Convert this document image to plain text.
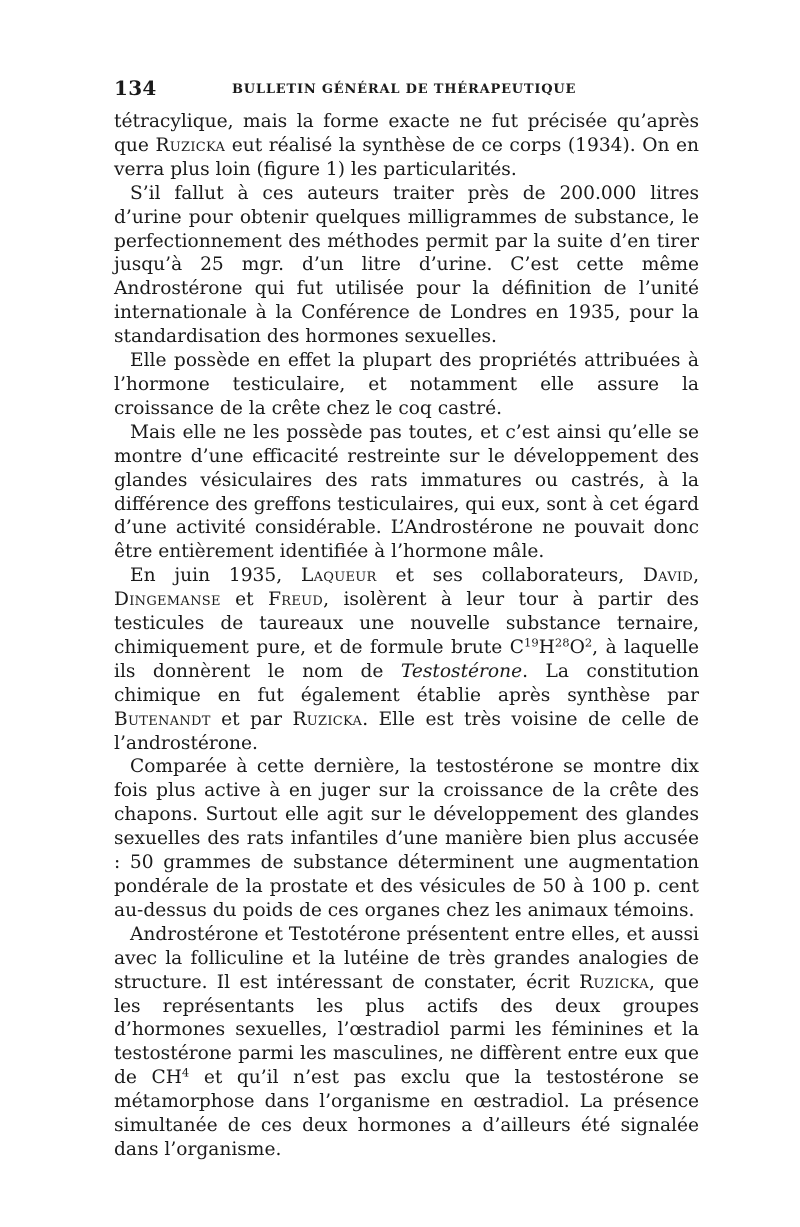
134	BULLETIN GÉNÉRAL DE THÉRAPEUTIQUE

tétracylique, mais la forme exacte ne fut précisée qu’après que Ruzicka eut réalisé la synthèse de ce corps (1934). On en verra plus loin (figure 1) les particularités.

S’il fallut à ces auteurs traiter près de 200.000 litres d’urine pour obtenir quelques milligrammes de substance, le perfectionnement des méthodes permit par la suite d’en tirer jusqu’à 25 mgr. d’un litre d’urine. C’est cette même Androstérone qui fut utilisée pour la définition de l’unité internationale à la Conférence de Londres en 1935, pour la standardisation des hormones sexuelles.

Elle possède en effet la plupart des propriétés attribuées à l’hormone testiculaire, et notamment elle assure la croissance de la crête chez le coq castré.

Mais elle ne les possède pas toutes, et c’est ainsi qu’elle se montre d’une efficacité restreinte sur le développement des glandes vésiculaires des rats immatures ou castrés, à la différence des greffons testiculaires, qui eux, sont à cet égard d’une activité considérable. L’Androstérone ne pouvait donc être entièrement identifiée à l’hormone mâle.

En juin 1935, Laqueur et ses collaborateurs, David, Dingemanse et Freud, isolèrent à leur tour à partir des testicules de taureaux une nouvelle substance ternaire, chimiquement pure, et de formule brute $C^{19}H^{28}O^2$, à laquelle ils donnèrent le nom de Testostérone. La constitution chimique en fut également établie après synthèse par Butenandt et par Ruzicka. Elle est très voisine de celle de l’androstérone.

Comparée à cette dernière, la testostérone se montre dix fois plus active à en juger sur la croissance de la crête des chapons. Surtout elle agit sur le développement des glandes sexuelles des rats infantiles d’une manière bien plus accusée : 50 grammes de substance déterminent une augmentation pondérale de la prostate et des vésicules de 50 à 100 p. cent au-dessus du poids de ces organes chez les animaux témoins.

Androstérone et Testotérone présentent entre elles, et aussi avec la folliculine et la lutéine de très grandes analogies de structure. Il est intéressant de constater, écrit Ruzicka, que les représentants les plus actifs des deux groupes d’hormones sexuelles, l’œstradiol parmi les féminines et la testostérone parmi les masculines, ne diffèrent entre eux que de $CH^4$ et qu’il n’est pas exclu que la testostérone se métamorphose dans l’organisme en œstradiol. La présence simultanée de ces deux hormones a d’ailleurs été signalée dans l’organisme.
